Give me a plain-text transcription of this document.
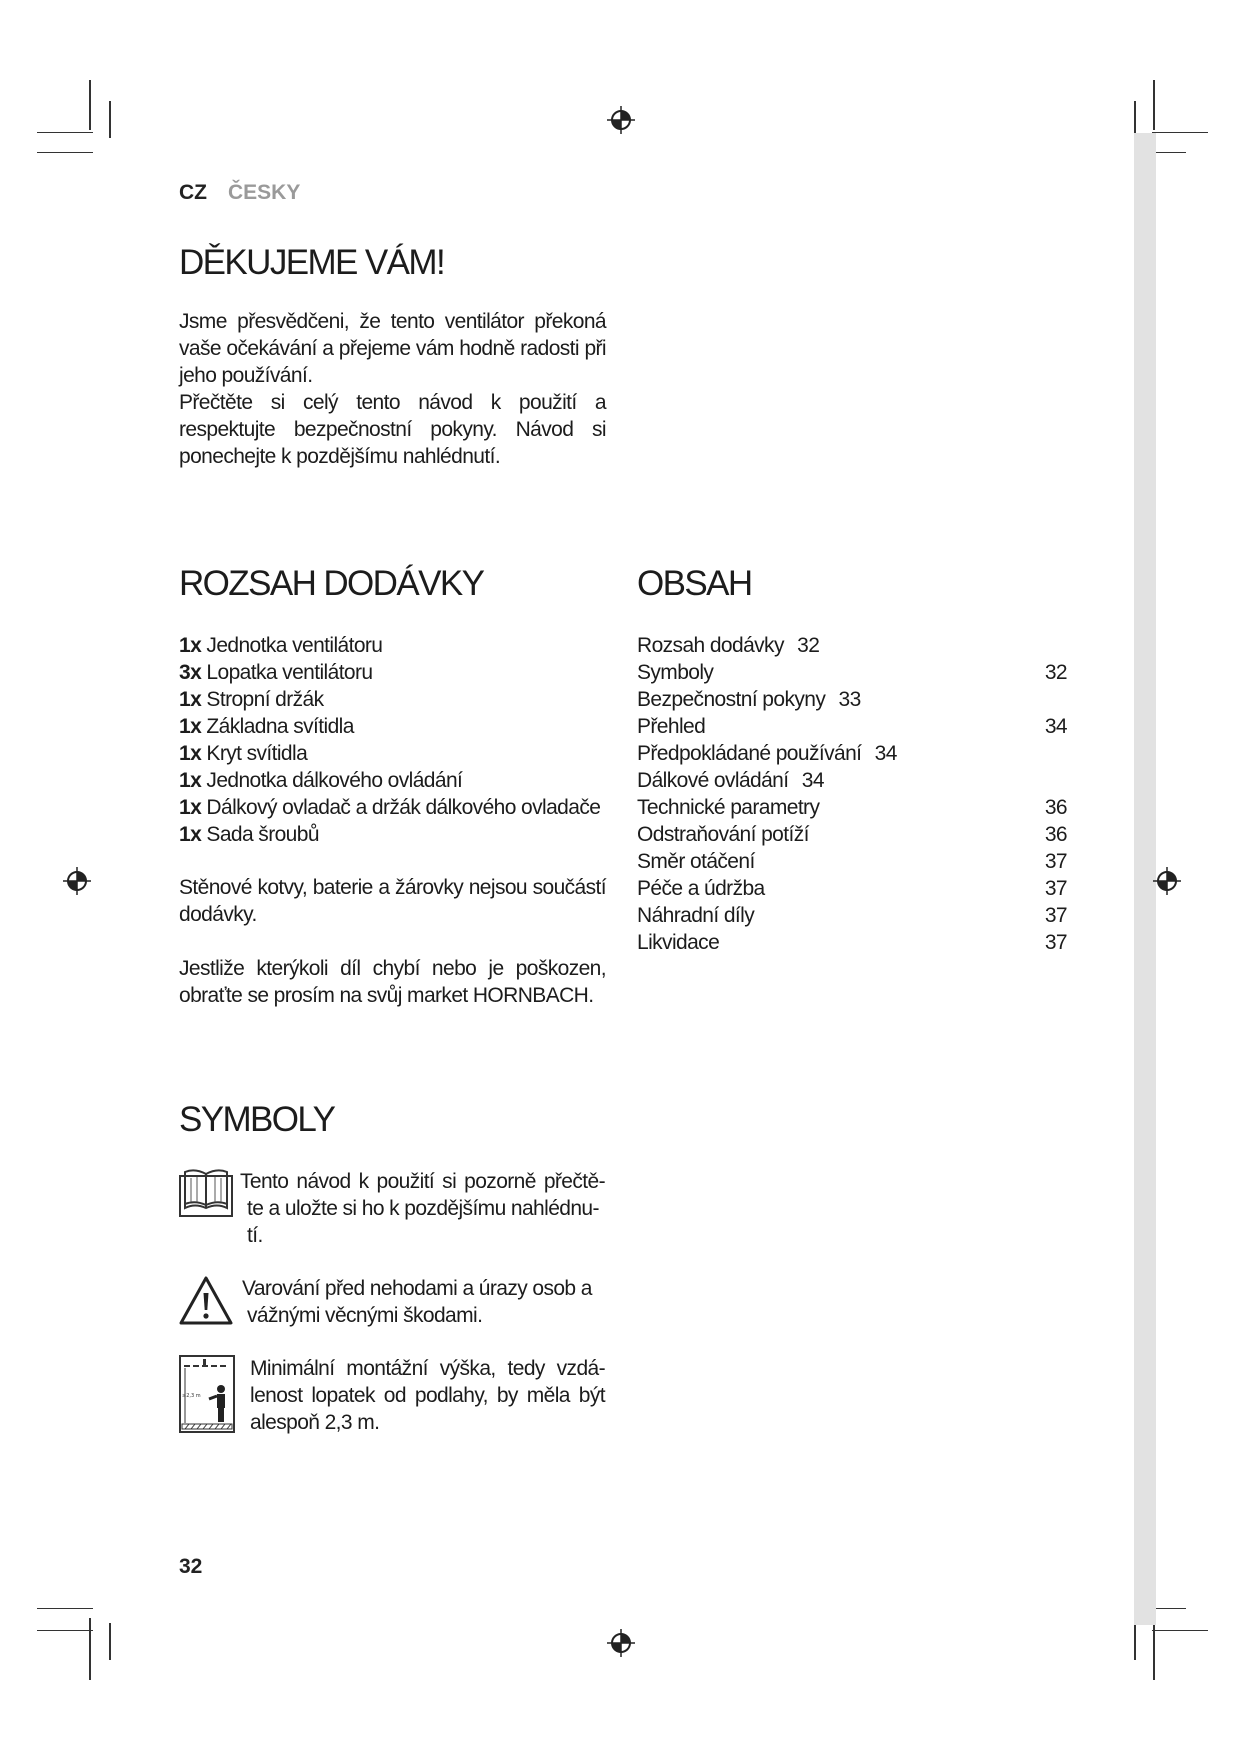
CZ ČESKY
DĚKUJEME VÁM!

Jsme přesvědčeni, že tento ventilátor překoná vaše očekávání a přejeme vám hodně radosti při jeho používání.

Přečtěte si celý tento návod k použití a respektujte bezpečnostní pokyny. Návod si ponechejte k pozdějšímu nahlédnutí.

ROZSAH DODÁVKY
1x Jednotka ventilátoru
3x Lopatka ventilátoru
1x Stropní držák
1x Základna svítidla
1x Kryt svítidla
1x Jednotka dálkového ovládání
1x Dálkový ovladač a držák dálkového ovladače
1x Sada šroubů

Stěnové kotvy, baterie a žárovky nejsou součástí dodávky.

Jestliže kterýkoli díl chybí nebo je poškozen, obraťte se prosím na svůj market HORNBACH.

OBSAH
Rozsah dodávky 32
Symboly	32
Bezpečnostní pokyny 33
Přehled	34
Předpokládané používání 34
Dálkové ovládání 34
Technické parametry	36
Odstraňování potíží	36
Směr otáčení	37
Péče a údržba	37
Náhradní díly	37
Likvidace	37
SYMBOLY
Tento návod k použití si pozorně přečtě-
te a uložte si ho k pozdějšímu nahlédnu-
tí.
Varování před nehodami a úrazy osob a
vážnými věcnými škodami.
≥2,3 m
Minimální montážní výška, tedy vzdá-
lenost lopatek od podlahy, by měla být
alespoň 2,3 m.
32
